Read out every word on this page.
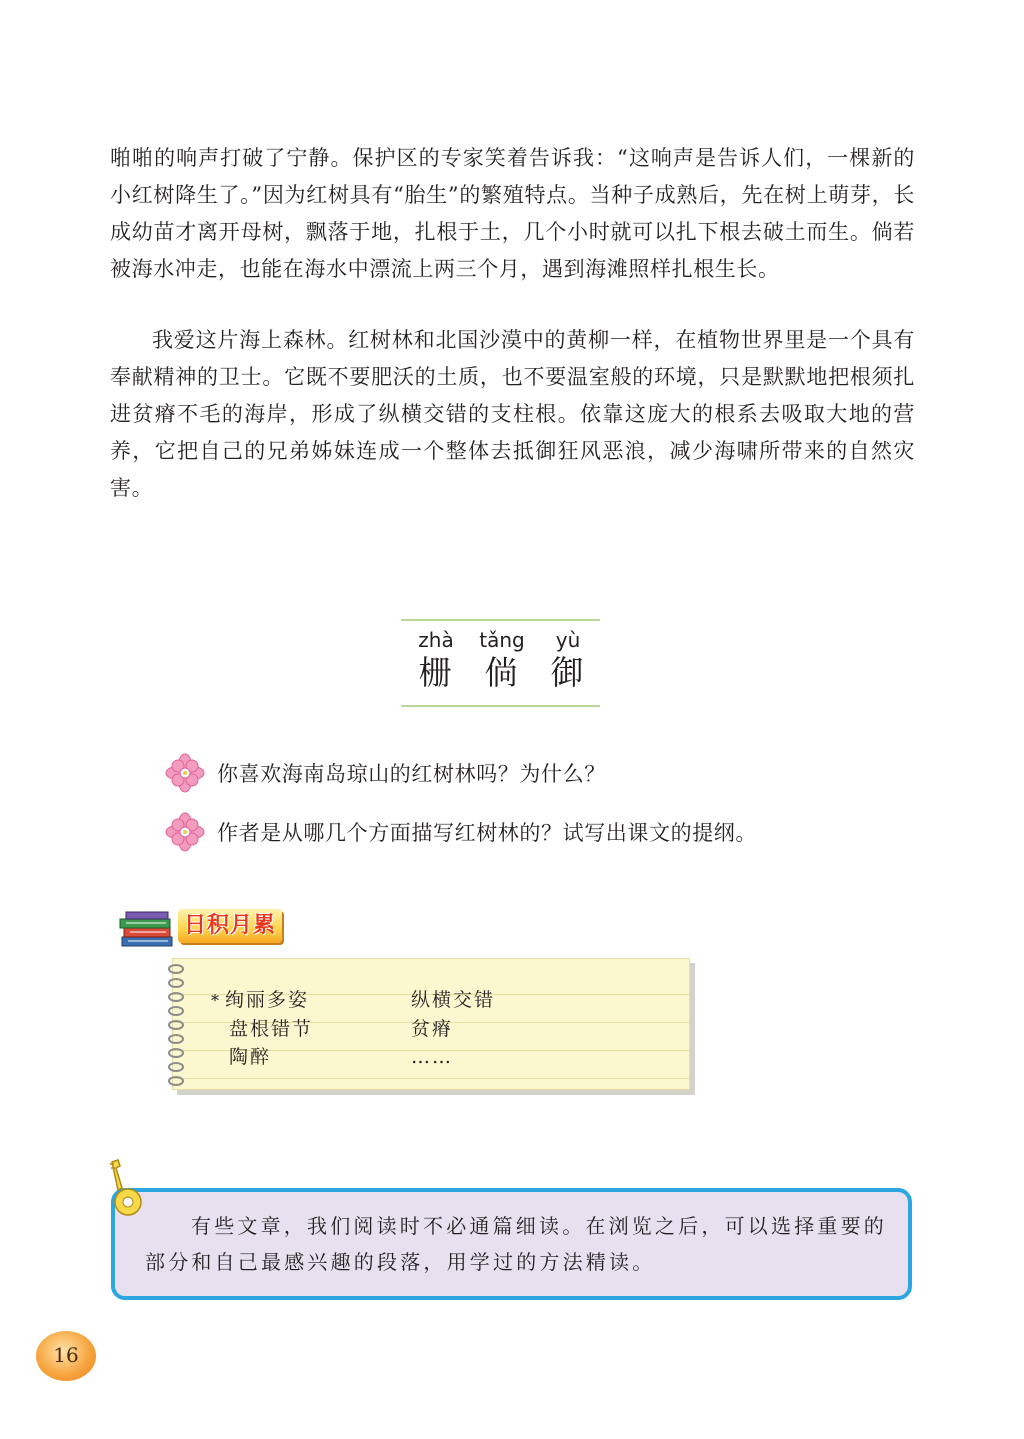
啪啪的响声打破了宁静。保护区的专家笑着告诉我：“这响声是告诉人们，一棵新的小红树降生了。”因为红树具有“胎生”的繁殖特点。当种子成熟后，先在树上萌芽，长成幼苗才离开母树，飘落于地，扎根于土，几个小时就可以扎下根去破土而生。倘若被海水冲走，也能在海水中漂流上两三个月，遇到海滩照样扎根生长。

我爱这片海上森林。红树林和北国沙漠中的黄柳一样，在植物世界里是一个具有奉献精神的卫士。它既不要肥沃的土质，也不要温室般的环境，只是默默地把根须扎进贫瘠不毛的海岸，形成了纵横交错的支柱根。依靠这庞大的根系去吸取大地的营养，它把自己的兄弟姊妹连成一个整体去抵御狂风恶浪，减少海啸所带来的自然灾害。

zhà
栅
tǎng
倘
yù
御
你喜欢海南岛琼山的红树林吗？为什么？
作者是从哪几个方面描写红树林的？试写出课文的提纲。
日积月累
* 绚丽多姿	纵横交错
盘根错节	贫瘠
陶醉	……

有些文章，我们阅读时不必通篇细读。在浏览之后，可以选择重要的部分和自己最感兴趣的段落，用学过的方法精读。

16
